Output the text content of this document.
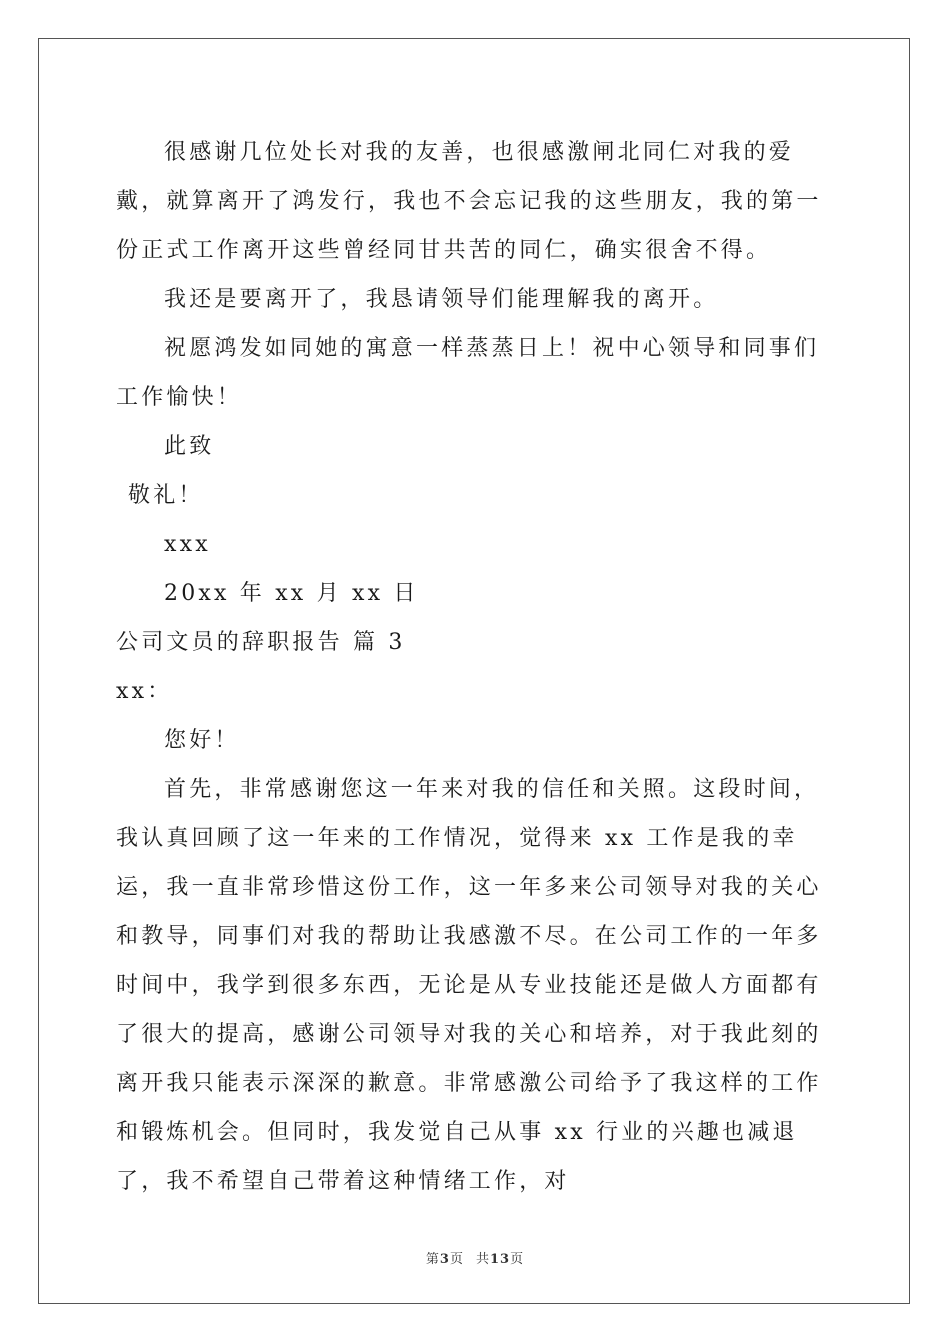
很感谢几位处长对我的友善，也很感激闸北同仁对我的爱戴，就算离开了鸿发行，我也不会忘记我的这些朋友，我的第一份正式工作离开这些曾经同甘共苦的同仁，确实很舍不得。

我还是要离开了，我恳请领导们能理解我的离开。

祝愿鸿发如同她的寓意一样蒸蒸日上！祝中心领导和同事们工作愉快！

此致

敬礼！

xxx

20xx 年 xx 月 xx 日

公司文员的辞职报告 篇 3

xx：

您好！

首先，非常感谢您这一年来对我的信任和关照。这段时间，我认真回顾了这一年来的工作情况，觉得来 xx 工作是我的幸运，我一直非常珍惜这份工作，这一年多来公司领导对我的关心和教导，同事们对我的帮助让我感激不尽。在公司工作的一年多时间中，我学到很多东西，无论是从专业技能还是做人方面都有了很大的提高，感谢公司领导对我的关心和培养，对于我此刻的离开我只能表示深深的歉意。非常感激公司给予了我这样的工作和锻炼机会。但同时，我发觉自己从事 xx 行业的兴趣也减退了，我不希望自己带着这种情绪工作，对

第3页 共13页
